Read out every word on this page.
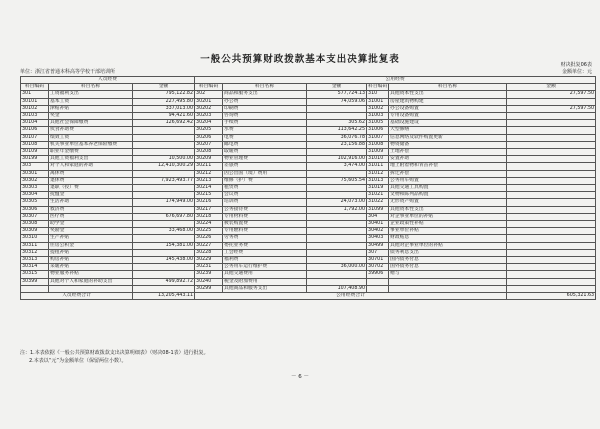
一般公共预算财政拨款基本支出决算批复表	财决批复06表
单位：浙江省普通本科高等学校干部培训所	金额单位：元
人员经费			公用经费					
科目编码	科目名称	金额	科目编码	科目名称	金额	科目编码	科目名称	金额
301	工资福利支出	795,122.82	302	商品和服务支出	577,724.13	310	其他资本性支出	27,597.50
30101	基本工资	227,495.80	30201	办公费	74,059.06	31001	房屋建筑物购建	
30102	津贴补贴	337,013.00	30202	印刷费		31002	办公设备购置	27,597.50
30103	奖金	94,421.60	30203	咨询费		31003	专用设备购置	
30104	其他社会保障缴费	126,692.42	30204	手续费	305.62	31005	基础设施建设	
30106	伙食补助费		30205	水费	113,642.25	31006	大型修缮	
30107	绩效工资		30206	电费	36,076.78	31007	信息网络及软件购置更新	
30108	机关事业单位基本养老保险缴费		30207	邮电费	23,156.88	31008	物资储备	
30109	职业年金缴费		30208	取暖费		31009	土地补偿	
30199	其他工资福利支出	10,500.00	30209	物业管理费	102,916.00	31010	安置补助	
303	对个人和家庭的补助	12,410,300.29	30211	差旅费	3,474.00	31011	地上附着物和青苗补偿	
30301	离休费		30212	因公出国（境）费用		31012	拆迁补偿	
30302	退休费	7,923,493.77	30213	维修（护）费	75,605.54	31013	公务用车购置	
30303	退职（役）费		30214	租赁费		31019	其他交通工具购置	
30304	抚恤金		30215	会议费		31021	文物和陈列品购置	
30305	生活补助	174,949.00	30216	培训费	24,073.00	31022	无形资产购置	
30306	救济费		30217	公务接待费	1,792.00	31099	其他资本性支出	
30307	医疗费	676,697.80	30218	专用材料费		304	对企事业单位的补贴	
30308	助学金		30224	被装购置费		30401	企业政策性补贴	
30309	奖励金	33,468.00	30225	专用燃料费		30402	事业单位补贴	
30310	生产补贴		30226	劳务费		30403	财政贴息	
30311	住房公积金	154,381.00	30227	委托业务费		30499	其他对企事业单位的补贴	
30312	提租补贴		30228	工会经费		307	债务利息支出	
30313	购房补贴	145,438.00	30229	福利费		30701	国内债务付息	
30314	采暖补贴		30231	公务用车运行维护费	36,000.00	30702	国外债务付息	
30315	物业服务补贴		30239	其他交通费用		39906	赠与	
30399	其他对个人和家庭的补助支出	499,892.72	30240	税金及附加费用				
			30299	其他商品和服务支出	107,408.90			
人员经费合计		13,205,443.11	公用经费合计					605,321.63
注：1.本表依据《一般公共预算财政拨款支出决算明细表》（财决08-1表）进行批复。
2.本表以“元”为金额单位（保留两位小数）。
－ 6 －
